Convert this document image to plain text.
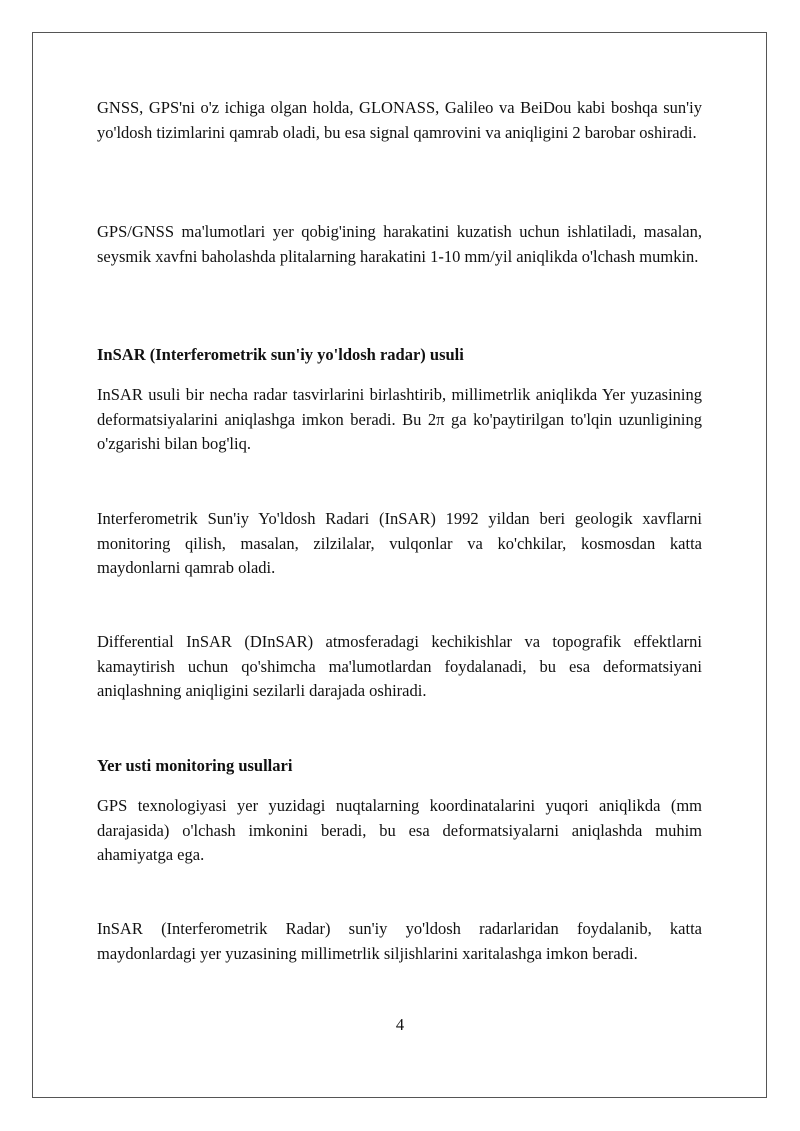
GNSS, GPS'ni o'z ichiga olgan holda, GLONASS, Galileo va BeiDou kabi boshqa sun'iy yo'ldosh tizimlarini qamrab oladi, bu esa signal qamrovini va aniqligini 2 barobar oshiradi.

GPS/GNSS ma'lumotlari yer qobig'ining harakatini kuzatish uchun ishlatiladi, masalan, seysmik xavfni baholashda plitalarning harakatini 1-10 mm/yil aniqlikda o'lchash mumkin.

InSAR (Interferometrik sun'iy yo'ldosh radar) usuli

InSAR usuli bir necha radar tasvirlarini birlashtirib, millimetrlik aniqlikda Yer yuzasining deformatsiyalarini aniqlashga imkon beradi. Bu 2π ga ko'paytirilgan to'lqin uzunligining o'zgarishi bilan bog'liq.

Interferometrik Sun'iy Yo'ldosh Radari (InSAR) 1992 yildan beri geologik xavflarni monitoring qilish, masalan, zilzilalar, vulqonlar va ko'chkilar, kosmosdan katta maydonlarni qamrab oladi.

Differential InSAR (DInSAR) atmosferadagi kechikishlar va topografik effektlarni kamaytirish uchun qo'shimcha ma'lumotlardan foydalanadi, bu esa deformatsiyani aniqlashning aniqligini sezilarli darajada oshiradi.

Yer usti monitoring usullari

GPS texnologiyasi yer yuzidagi nuqtalarning koordinatalarini yuqori aniqlikda (mm darajasida) o'lchash imkonini beradi, bu esa deformatsiyalarni aniqlashda muhim ahamiyatga ega.

InSAR (Interferometrik Radar) sun'iy yo'ldosh radarlaridan foydalanib, katta maydonlardagi yer yuzasining millimetrlik siljishlarini xaritalashga imkon beradi.

4
